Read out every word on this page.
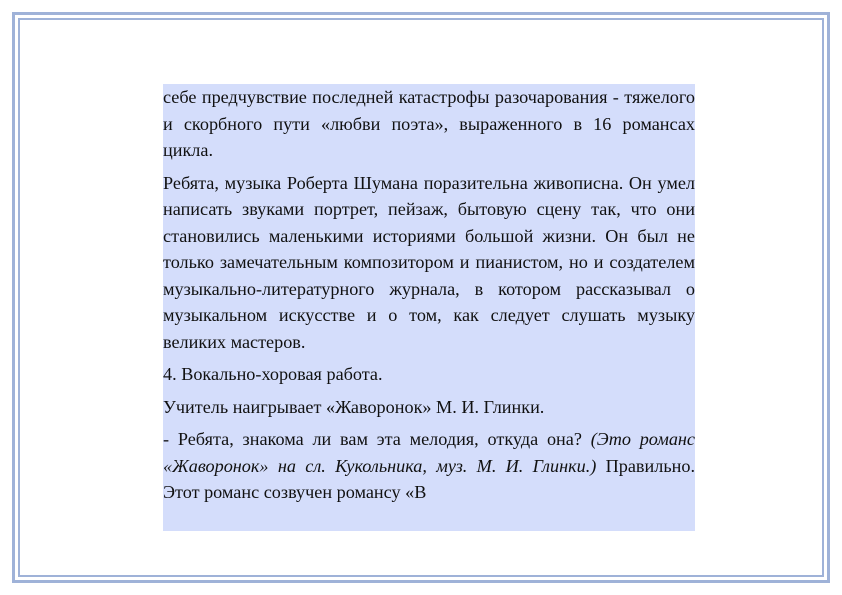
себе предчувствие последней катастрофы разочарования - тяжелого и скорбного пути «любви поэта», выраженного в 16 романсах цикла.

Ребята, музыка Роберта Шумана поразительна живописна. Он умел написать звуками портрет, пейзаж, бытовую сцену так, что они становились маленькими историями большой жизни. Он был не только замечательным композитором и пианистом, но и создателем музыкально-литературного журнала, в котором рассказывал о музыкальном искусстве и о том, как следует слушать музыку великих мастеров.

4. Вокально-хоровая работа.

Учитель наигрывает «Жаворонок» М. И. Глинки.

- Ребята, знакома ли вам эта мелодия, откуда она? (Это романс «Жаворонок» на сл. Кукольника, муз. М. И. Глинки.) Правильно. Этот романс созвучен романсу «В
